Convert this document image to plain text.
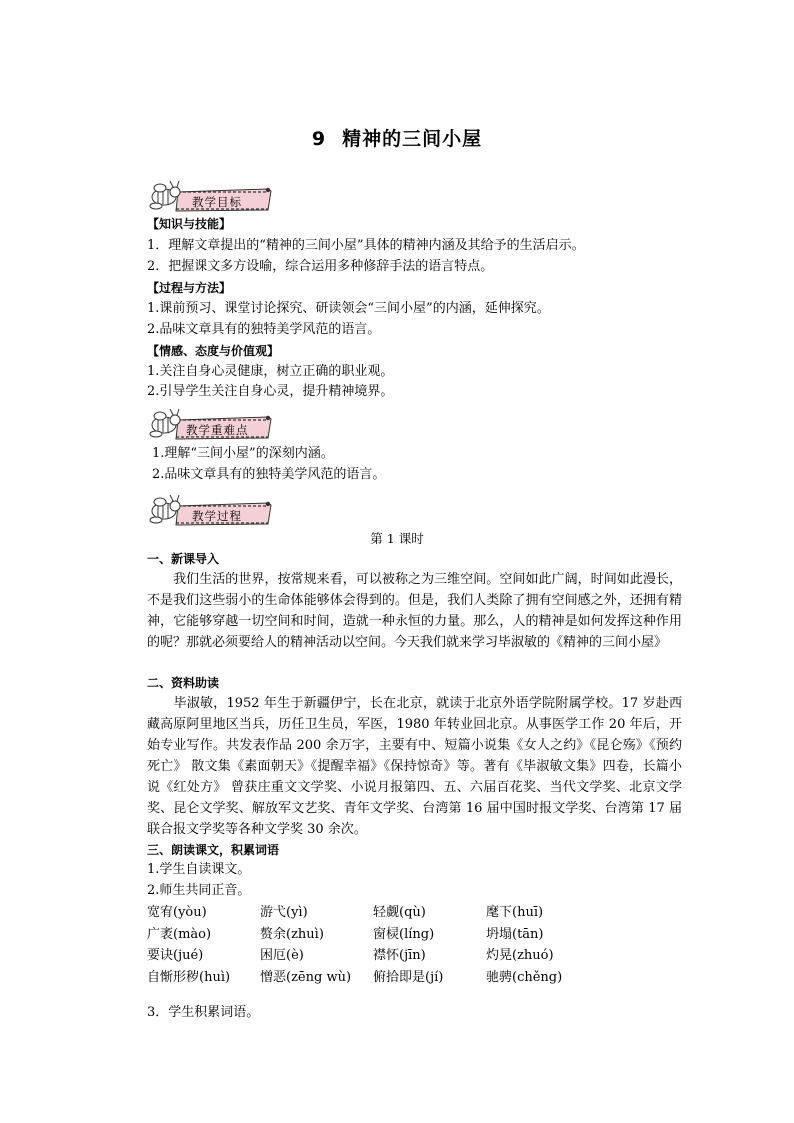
9 精神的三间小屋
教学目标
【知识与技能】
1．理解文章提出的“精神的三间小屋”具体的精神内涵及其给予的生活启示。
2．把握课文多方设喻，综合运用多种修辞手法的语言特点。
【过程与方法】
1.课前预习、课堂讨论探究、研读领会“三间小屋”的内涵，延伸探究。
2.品味文章具有的独特美学风范的语言。
【情感、态度与价值观】
1.关注自身心灵健康，树立正确的职业观。
2.引导学生关注自身心灵，提升精神境界。
教学重难点
1.理解“三间小屋”的深刻内涵。
2.品味文章具有的独特美学风范的语言。
教学过程
第 1 课时
一、新课导入
　　我们生活的世界，按常规来看，可以被称之为三维空间。空间如此广阔，时间如此漫长，不是我们这些弱小的生命体能够体会得到的。但是，我们人类除了拥有空间感之外，还拥有精神，它能够穿越一切空间和时间，造就一种永恒的力量。那么，人的精神是如何发挥这种作用的呢？那就必须要给人的精神活动以空间。今天我们就来学习毕淑敏的《精神的三间小屋》
二、资料助读
　　毕淑敏，1952 年生于新疆伊宁，长在北京，就读于北京外语学院附属学校。17 岁赴西藏高原阿里地区当兵，历任卫生员，军医，1980 年转业回北京。从事医学工作 20 年后，开始专业写作。共发表作品 200 余万字，主要有中、短篇小说集《女人之约》《昆仑殇》《预约死亡》 散文集《素面朝天》《提醒幸福》《保持惊奇》等。著有《毕淑敏文集》四卷，长篇小说《红处方》 曾获庄重文文学奖、小说月报第四、五、六届百花奖、当代文学奖、北京文学奖、昆仑文学奖、解放军文艺奖、青年文学奖、台湾第 16 届中国时报文学奖、台湾第 17 届联合报文学奖等各种文学奖 30 余次。
三、朗读课文，积累词语
1.学生自读课文。
2.师生共同正音。
宽宥(yòu)	游弋(yì)	轻觑(qù)	麾下(huī)
广袤(mào)	赘余(zhuì)	窗棂(líng)	坍塌(tān)
要诀(jué)	困厄(è)	襟怀(jīn)	灼晃(zhuó)
自惭形秽(huì)	憎恶(zēng wù)	俯拾即是(jí)	驰骋(chěng)
3．学生积累词语。
